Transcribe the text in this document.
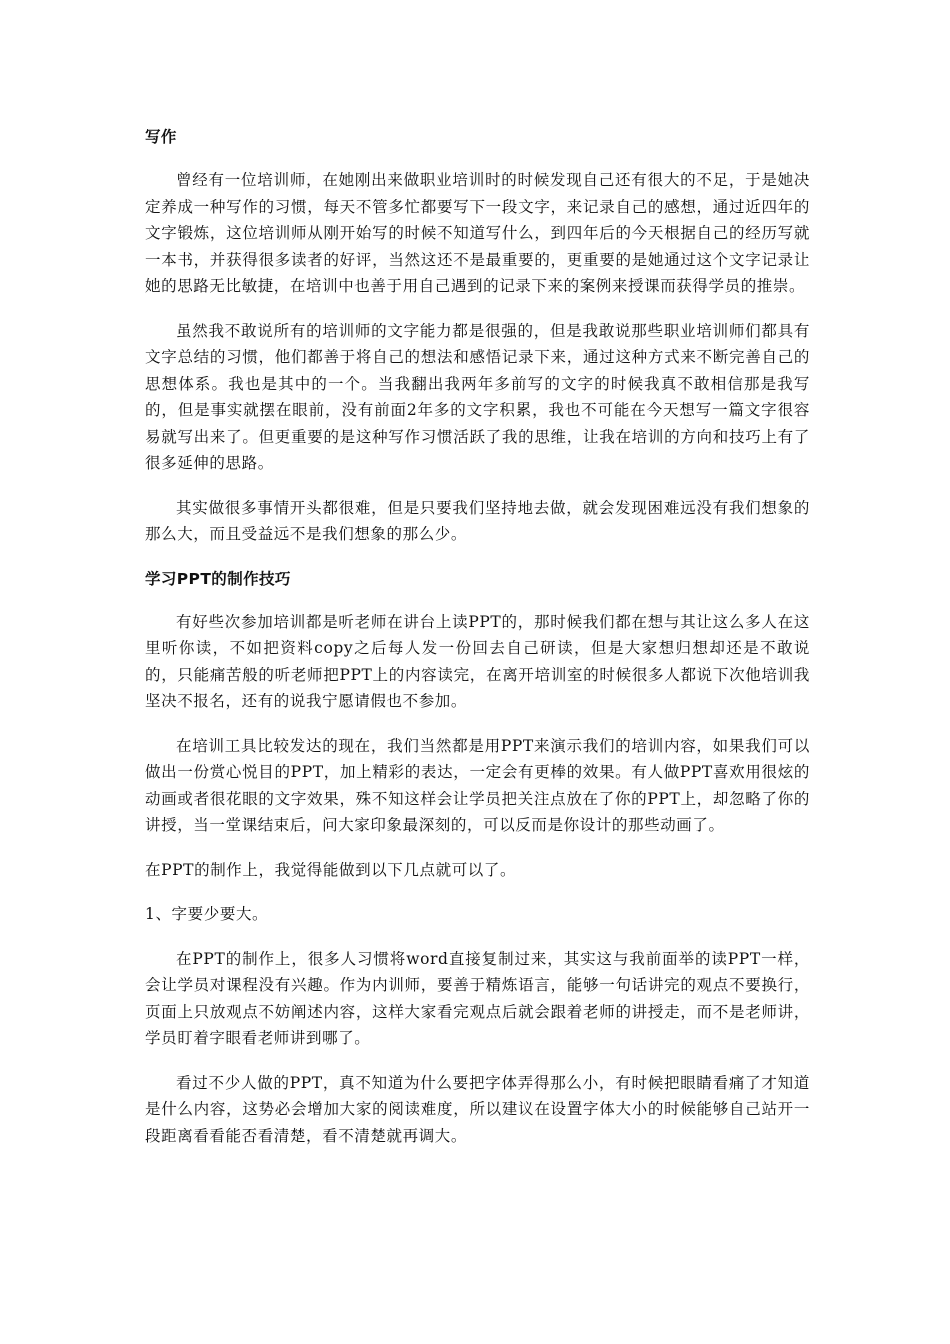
写作

曾经有一位培训师，在她刚出来做职业培训时的时候发现自己还有很大的不足，于是她决定养成一种写作的习惯，每天不管多忙都要写下一段文字，来记录自己的感想，通过近四年的文字锻炼，这位培训师从刚开始写的时候不知道写什么，到四年后的今天根据自己的经历写就一本书，并获得很多读者的好评，当然这还不是最重要的，更重要的是她通过这个文字记录让她的思路无比敏捷，在培训中也善于用自己遇到的记录下来的案例来授课而获得学员的推崇。

虽然我不敢说所有的培训师的文字能力都是很强的，但是我敢说那些职业培训师们都具有文字总结的习惯，他们都善于将自己的想法和感悟记录下来，通过这种方式来不断完善自己的思想体系。我也是其中的一个。当我翻出我两年多前写的文字的时候我真不敢相信那是我写的，但是事实就摆在眼前，没有前面2年多的文字积累，我也不可能在今天想写一篇文字很容易就写出来了。但更重要的是这种写作习惯活跃了我的思维，让我在培训的方向和技巧上有了很多延伸的思路。

其实做很多事情开头都很难，但是只要我们坚持地去做，就会发现困难远没有我们想象的那么大，而且受益远不是我们想象的那么少。

学习PPT的制作技巧

有好些次参加培训都是听老师在讲台上读PPT的，那时候我们都在想与其让这么多人在这里听你读，不如把资料copy之后每人发一份回去自己研读，但是大家想归想却还是不敢说的，只能痛苦般的听老师把PPT上的内容读完，在离开培训室的时候很多人都说下次他培训我坚决不报名，还有的说我宁愿请假也不参加。

在培训工具比较发达的现在，我们当然都是用PPT来演示我们的培训内容，如果我们可以做出一份赏心悦目的PPT，加上精彩的表达，一定会有更棒的效果。有人做PPT喜欢用很炫的动画或者很花眼的文字效果，殊不知这样会让学员把关注点放在了你的PPT上，却忽略了你的讲授，当一堂课结束后，问大家印象最深刻的，可以反而是你设计的那些动画了。

在PPT的制作上，我觉得能做到以下几点就可以了。

1、字要少要大。

在PPT的制作上，很多人习惯将word直接复制过来，其实这与我前面举的读PPT一样，会让学员对课程没有兴趣。作为内训师，要善于精炼语言，能够一句话讲完的观点不要换行，页面上只放观点不妨阐述内容，这样大家看完观点后就会跟着老师的讲授走，而不是老师讲，学员盯着字眼看老师讲到哪了。

看过不少人做的PPT，真不知道为什么要把字体弄得那么小，有时候把眼睛看痛了才知道是什么内容，这势必会增加大家的阅读难度，所以建议在设置字体大小的时候能够自己站开一段距离看看能否看清楚，看不清楚就再调大。
